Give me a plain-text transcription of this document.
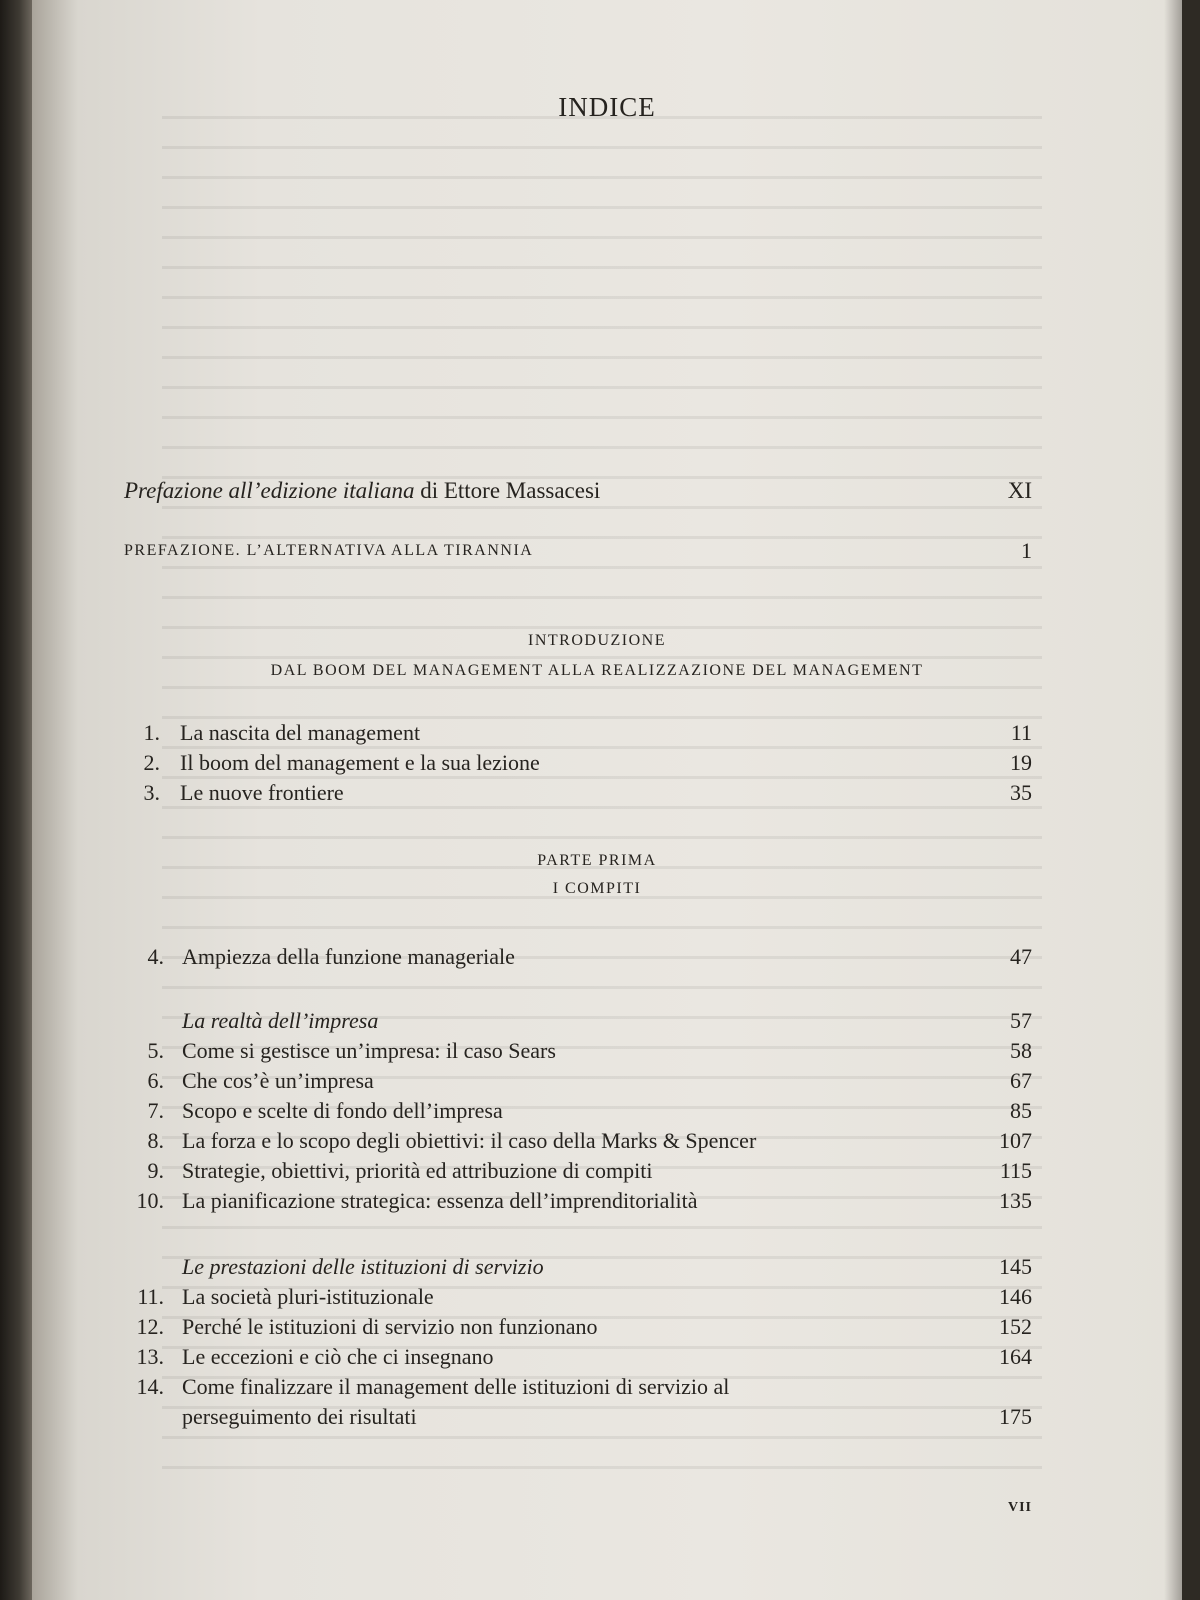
INDICE
Prefazione all’edizione italiana di Ettore Massacesi	XI
PREFAZIONE. L’ALTERNATIVA ALLA TIRANNIA	1
INTRODUZIONE
DAL BOOM DEL MANAGEMENT ALLA REALIZZAZIONE DEL MANAGEMENT
1. La nascita del management	11
2. Il boom del management e la sua lezione	19
3. Le nuove frontiere	35
PARTE PRIMA
I COMPITI
4. Ampiezza della funzione manageriale	47
La realtà dell’impresa	57
5. Come si gestisce un’impresa: il caso Sears	58
6. Che cos’è un’impresa	67
7. Scopo e scelte di fondo dell’impresa	85
8. La forza e lo scopo degli obiettivi: il caso della Marks & Spencer	107
9. Strategie, obiettivi, priorità ed attribuzione di compiti	115
10. La pianificazione strategica: essenza dell’imprenditorialità	135
Le prestazioni delle istituzioni di servizio	145
11. La società pluri-istituzionale	146
12. Perché le istituzioni di servizio non funzionano	152
13. Le eccezioni e ciò che ci insegnano	164
14. Come finalizzare il management delle istituzioni di servizio al
perseguimento dei risultati	175
VII
